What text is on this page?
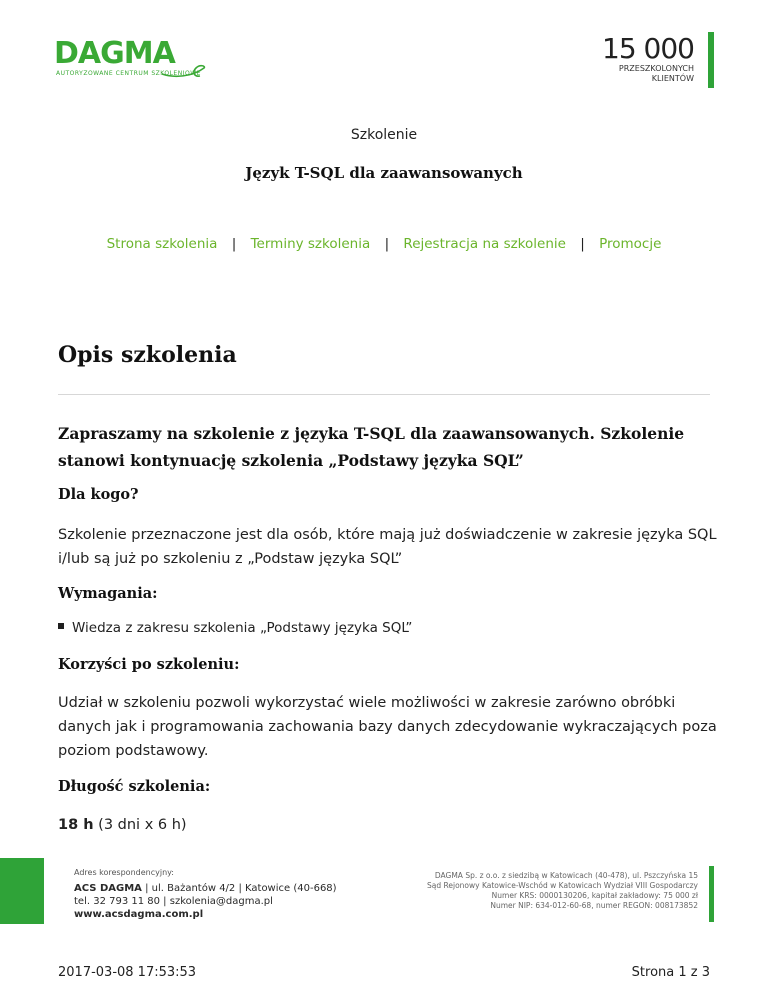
DAGMA
AUTORYZOWANE CENTRUM SZKOLENIOWE
15 000
PRZESZKOLONYCH
KLIENTÓW
Szkolenie
Język T-SQL dla zaawansowanych
Strona szkolenia | Terminy szkolenia | Rejestracja na szkolenie | Promocje
Opis szkolenia
Zapraszamy na szkolenie z języka T-SQL dla zaawansowanych. Szkolenie stanowi kontynuację szkolenia „Podstawy języka SQL”
Dla kogo?
Szkolenie przeznaczone jest dla osób, które mają już doświadczenie w zakresie języka SQL i/lub są już po szkoleniu z „Podstaw języka SQL”
Wymagania:
Wiedza z zakresu szkolenia „Podstawy języka SQL”
Korzyści po szkoleniu:
Udział w szkoleniu pozwoli wykorzystać wiele możliwości w zakresie zarówno obróbki danych jak i programowania zachowania bazy danych zdecydowanie wykraczających poza poziom podstawowy.
Długość szkolenia:
18 h (3 dni x 6 h)
Adres korespondencyjny:
ACS DAGMA | ul. Bażantów 4/2 | Katowice (40-668)
tel. 32 793 11 80 | szkolenia@dagma.pl
www.acsdagma.com.pl
DAGMA Sp. z o.o. z siedzibą w Katowicach (40-478), ul. Pszczyńska 15
Sąd Rejonowy Katowice-Wschód w Katowicach Wydział VIII Gospodarczy
Numer KRS: 0000130206, kapitał zakładowy: 75 000 zł
Numer NIP: 634-012-60-68, numer REGON: 008173852
2017-03-08 17:53:53	Strona 1 z 3
